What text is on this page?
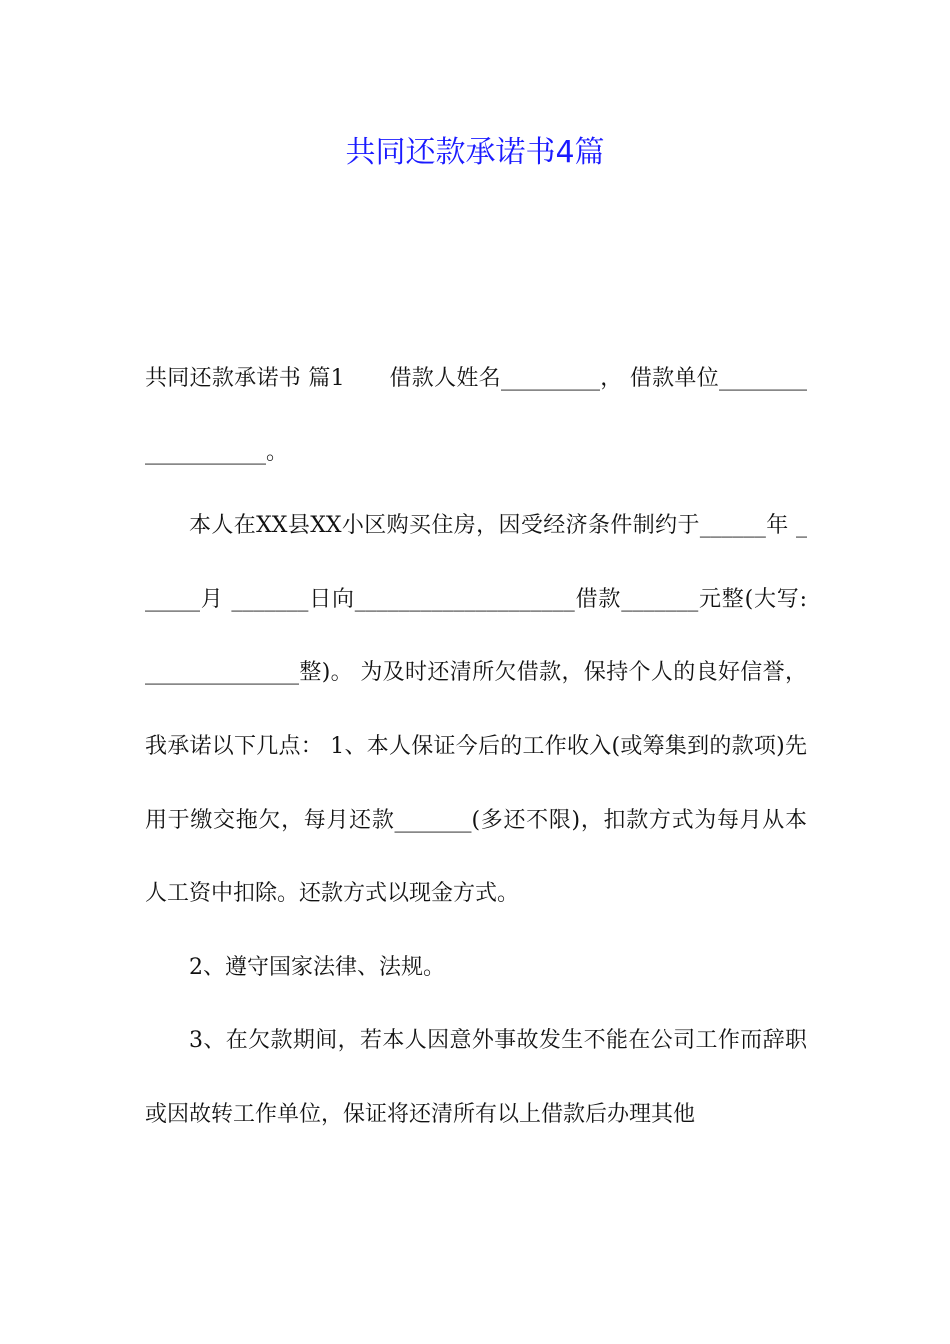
共同还款承诺书4篇

共同还款承诺书 篇1　　借款人姓名_________， 借款单位___________________。

本人在XX县XX小区购买住房，因受经济条件制约于______年 ______月 _______日向____________________借款_______元整(大写: ______________整)。 为及时还清所欠借款，保持个人的良好信誉，我承诺以下几点： 1、本人保证今后的工作收入(或筹集到的款项)先用于缴交拖欠，每月还款_______(多还不限)，扣款方式为每月从本人工资中扣除。还款方式以现金方式。

2、遵守国家法律、法规。

3、在欠款期间，若本人因意外事故发生不能在公司工作而辞职或因故转工作单位，保证将还清所有以上借款后办理其他
